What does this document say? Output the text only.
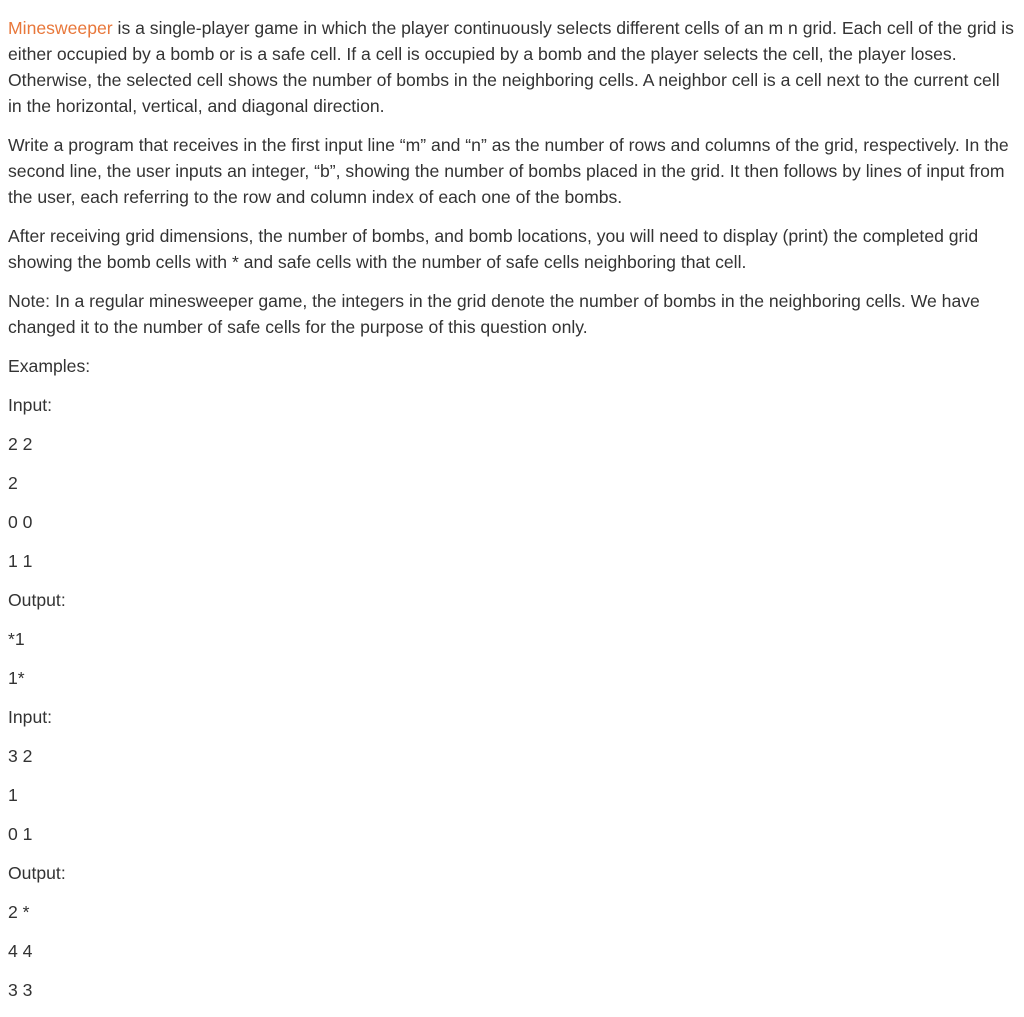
Minesweeper is a single-player game in which the player continuously selects different cells of an m n grid. Each cell of the grid is either occupied by a bomb or is a safe cell. If a cell is occupied by a bomb and the player selects the cell, the player loses. Otherwise, the selected cell shows the number of bombs in the neighboring cells. A neighbor cell is a cell next to the current cell in the horizontal, vertical, and diagonal direction.

Write a program that receives in the first input line “m” and “n” as the number of rows and columns of the grid, respectively. In the second line, the user inputs an integer, “b”, showing the number of bombs placed in the grid. It then follows by lines of input from the user, each referring to the row and column index of each one of the bombs.

After receiving grid dimensions, the number of bombs, and bomb locations, you will need to display (print) the completed grid showing the bomb cells with * and safe cells with the number of safe cells neighboring that cell.

Note: In a regular minesweeper game, the integers in the grid denote the number of bombs in the neighboring cells. We have changed it to the number of safe cells for the purpose of this question only.

Examples:

Input:
2 2
2
0 0
1 1
Output:
*1
1*
Input:
3 2
1
0 1
Output:
2 *
4 4
3 3
